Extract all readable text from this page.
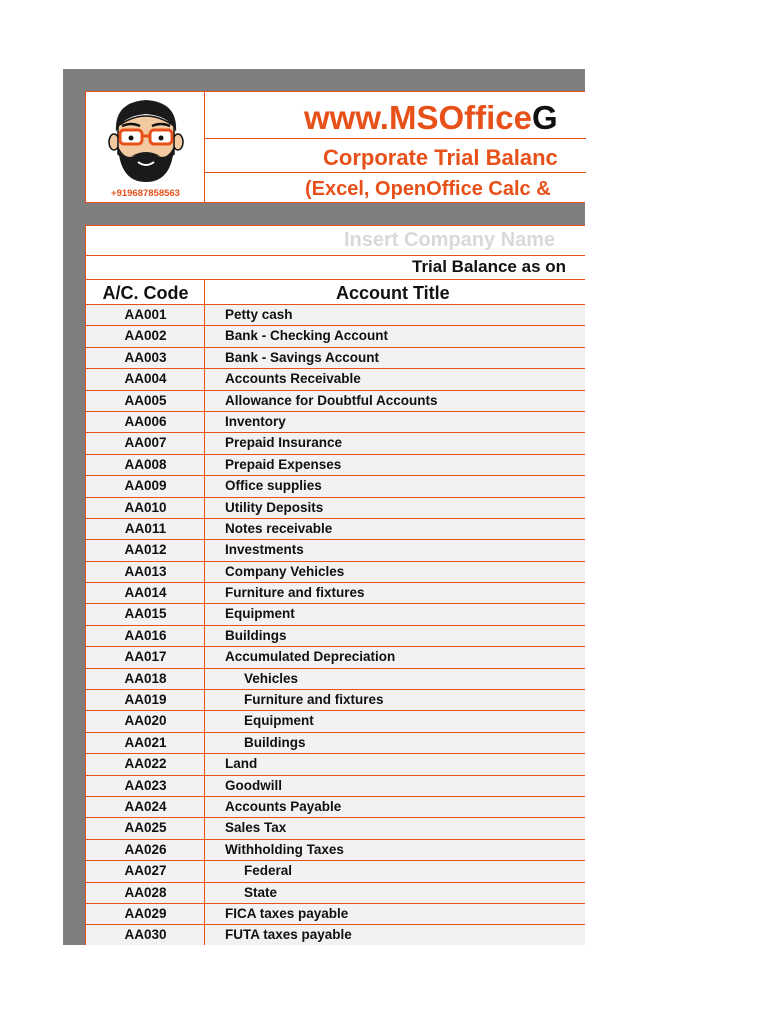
+919687858563
www.MSOfficeG
Corporate Trial Balanc
(Excel, OpenOffice Calc &
Insert Company Name
Trial Balance as on
A/C. Code	Account Title
AA001	Petty cash
AA002	Bank - Checking Account
AA003	Bank - Savings Account
AA004	Accounts Receivable
AA005	Allowance for Doubtful Accounts
AA006	Inventory
AA007	Prepaid Insurance
AA008	Prepaid Expenses
AA009	Office supplies
AA010	Utility Deposits
AA011	Notes receivable
AA012	Investments
AA013	Company Vehicles
AA014	Furniture and fixtures
AA015	Equipment
AA016	Buildings
AA017	Accumulated Depreciation
AA018	Vehicles
AA019	Furniture and fixtures
AA020	Equipment
AA021	Buildings
AA022	Land
AA023	Goodwill
AA024	Accounts Payable
AA025	Sales Tax
AA026	Withholding Taxes
AA027	Federal
AA028	State
AA029	FICA taxes payable
AA030	FUTA taxes payable
